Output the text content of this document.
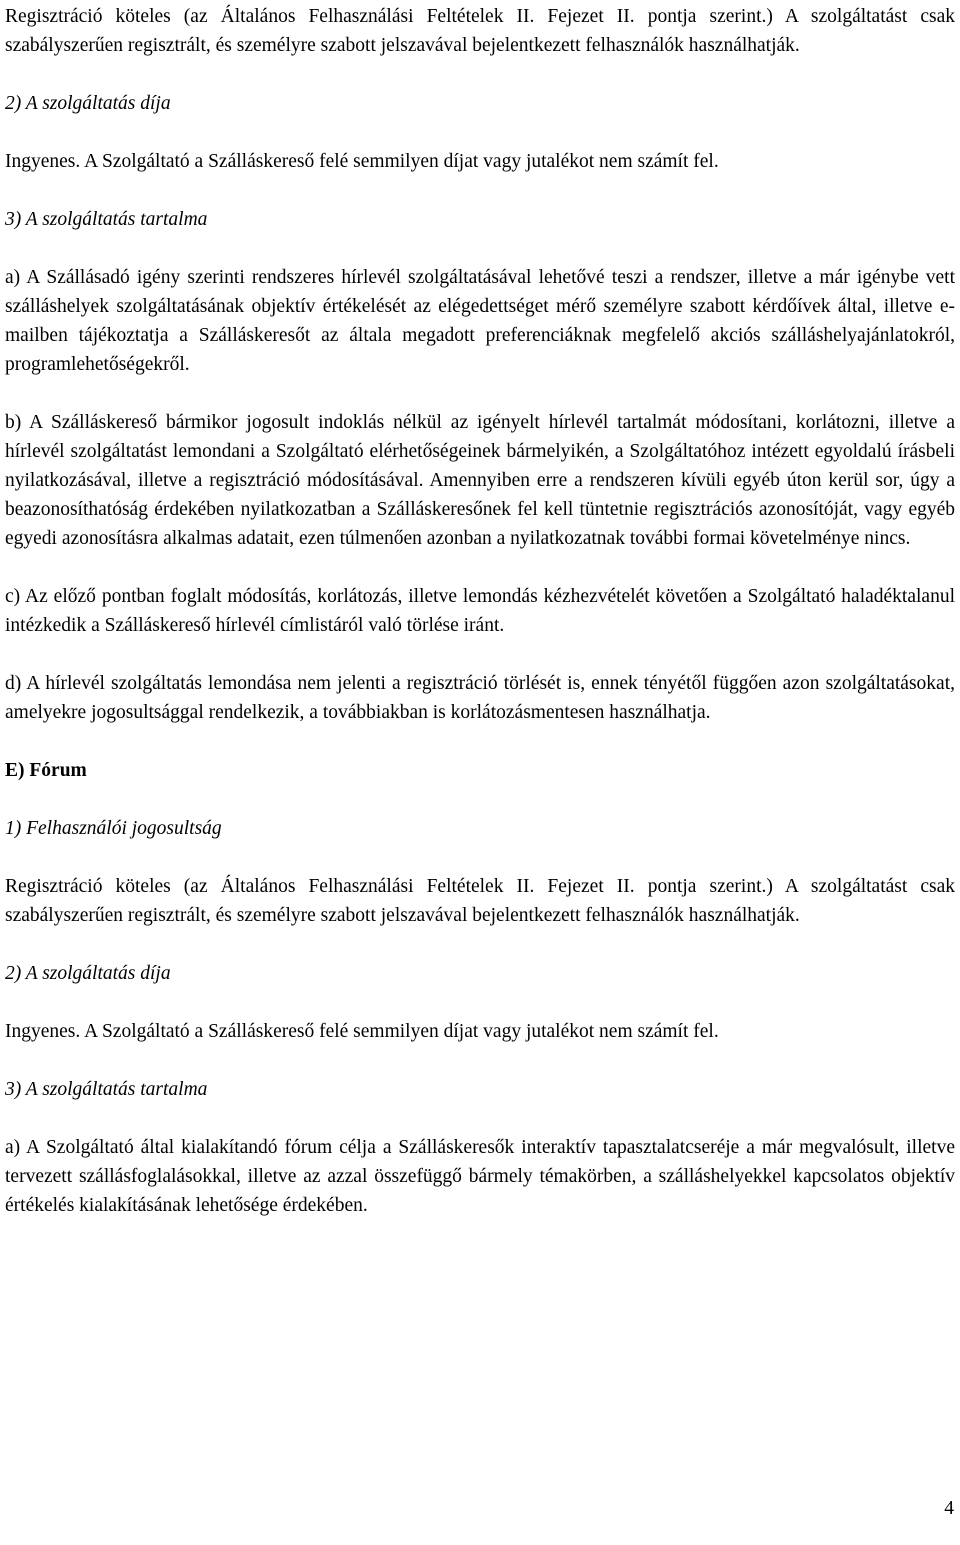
Regisztráció köteles (az Általános Felhasználási Feltételek II. Fejezet II. pontja szerint.) A szolgáltatást csak szabályszerűen regisztrált, és személyre szabott jelszavával bejelentkezett felhasználók használhatják.

2) A szolgáltatás díja

Ingyenes. A Szolgáltató a Szálláskereső felé semmilyen díjat vagy jutalékot nem számít fel.

3) A szolgáltatás tartalma

a) A Szállásadó igény szerinti rendszeres hírlevél szolgáltatásával lehetővé teszi a rendszer, illetve a már igénybe vett szálláshelyek szolgáltatásának objektív értékelését az elégedettséget mérő személyre szabott kérdőívek által, illetve e-mailben tájékoztatja a Szálláskeresőt az általa megadott preferenciáknak megfelelő akciós szálláshelyajánlatokról, programlehetőségekről.

b) A Szálláskereső bármikor jogosult indoklás nélkül az igényelt hírlevél tartalmát módosítani, korlátozni, illetve a hírlevél szolgáltatást lemondani a Szolgáltató elérhetőségeinek bármelyikén, a Szolgáltatóhoz intézett egyoldalú írásbeli nyilatkozásával, illetve a regisztráció módosításával. Amennyiben erre a rendszeren kívüli egyéb úton kerül sor, úgy a beazonosíthatóság érdekében nyilatkozatban a Szálláskeresőnek fel kell tüntetnie regisztrációs azonosítóját, vagy egyéb egyedi azonosításra alkalmas adatait, ezen túlmenően azonban a nyilatkozatnak további formai követelménye nincs.

c) Az előző pontban foglalt módosítás, korlátozás, illetve lemondás kézhezvételét követően a Szolgáltató haladéktalanul intézkedik a Szálláskereső hírlevél címlistáról való törlése iránt.

d) A hírlevél szolgáltatás lemondása nem jelenti a regisztráció törlését is, ennek tényétől függően azon szolgáltatásokat, amelyekre jogosultsággal rendelkezik, a továbbiakban is korlátozásmentesen használhatja.

E) Fórum

1) Felhasználói jogosultság

Regisztráció köteles (az Általános Felhasználási Feltételek II. Fejezet II. pontja szerint.) A szolgáltatást csak szabályszerűen regisztrált, és személyre szabott jelszavával bejelentkezett felhasználók használhatják.

2) A szolgáltatás díja

Ingyenes. A Szolgáltató a Szálláskereső felé semmilyen díjat vagy jutalékot nem számít fel.

3) A szolgáltatás tartalma

a) A Szolgáltató által kialakítandó fórum célja a Szálláskeresők interaktív tapasztalatcseréje a már megvalósult, illetve tervezett szállásfoglalásokkal, illetve az azzal összefüggő bármely témakörben, a szálláshelyekkel kapcsolatos objektív értékelés kialakításának lehetősége érdekében.

4
